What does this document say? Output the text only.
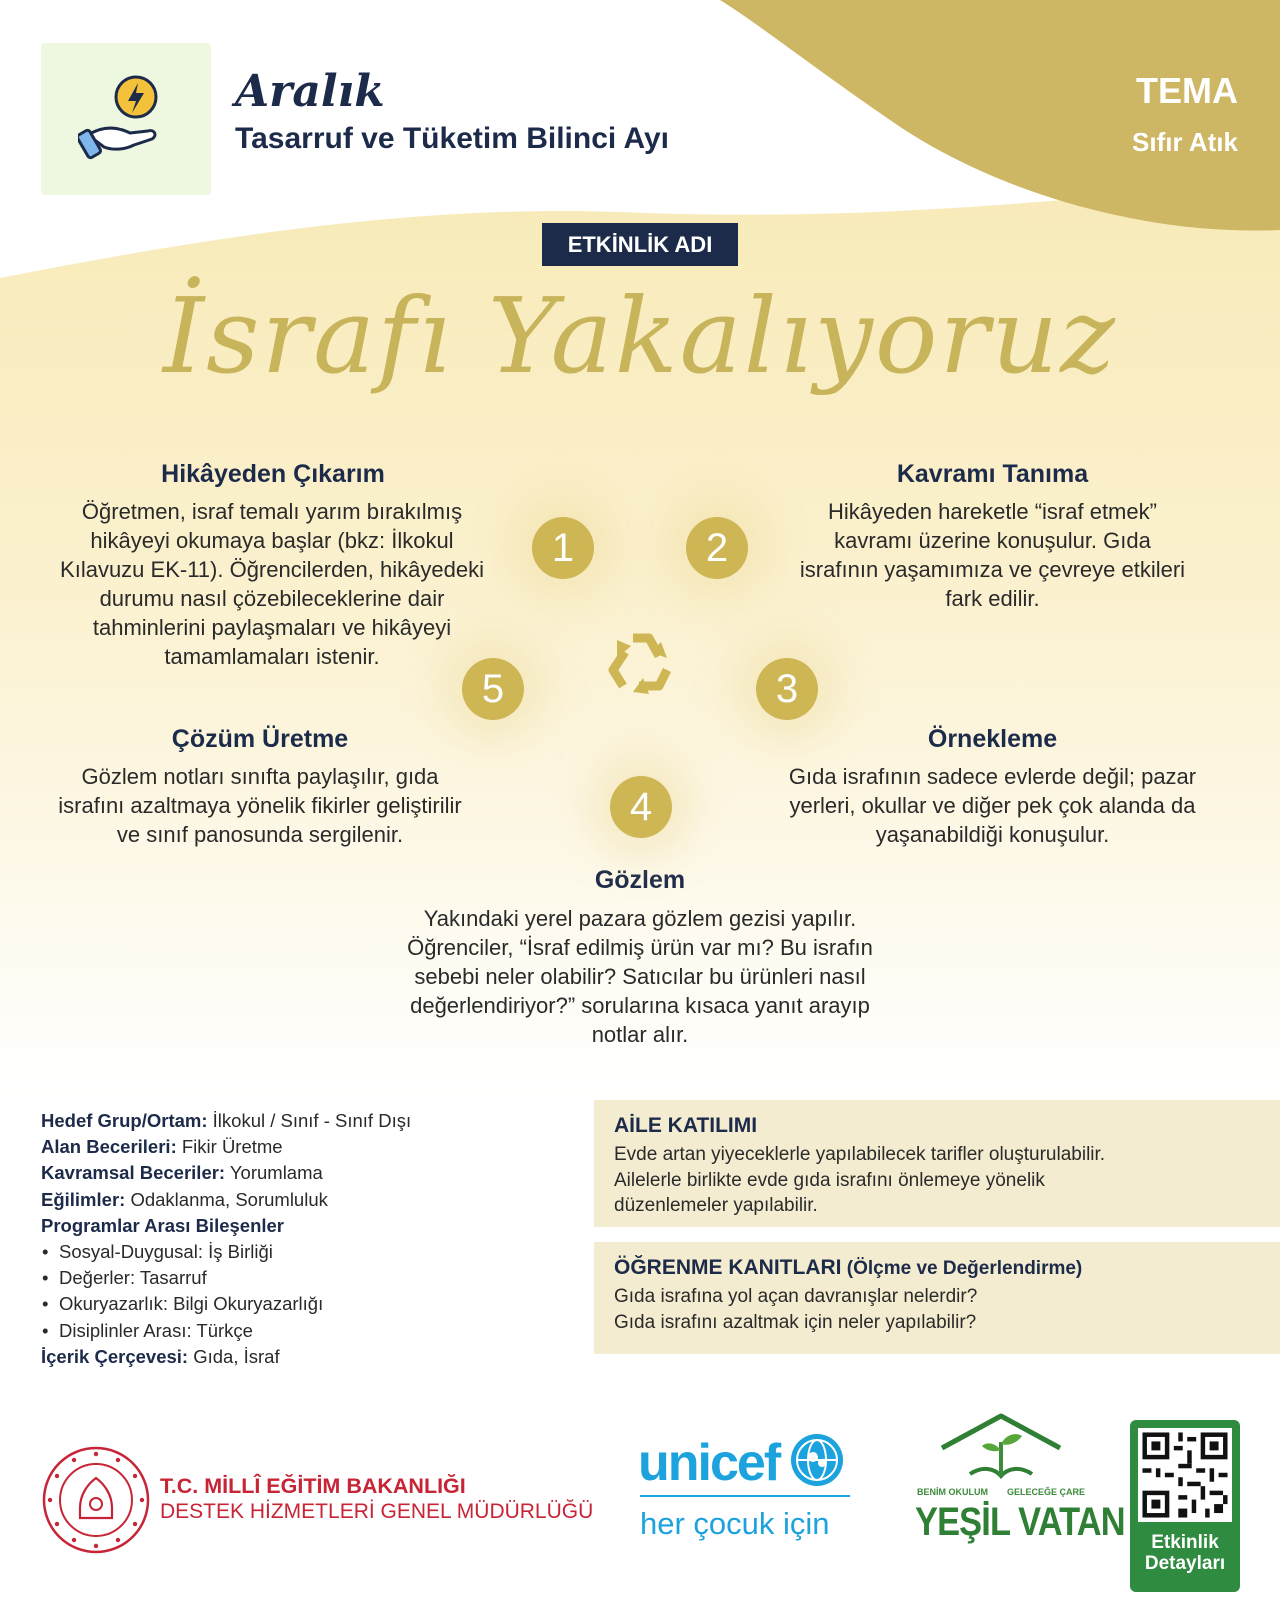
Aralık
Tasarruf ve Tüketim Bilinci Ayı
TEMA
Sıfır Atık
ETKİNLİK ADI
İsrafı Yakalıyoruz
Hikâyeden Çıkarım
Öğretmen, israf temalı yarım bırakılmış hikâyeyi okumaya başlar (bkz: İlkokul Kılavuzu EK-11). Öğrencilerden, hikâyedeki durumu nasıl çözebileceklerine dair tahminlerini paylaşmaları ve hikâyeyi tamamlamaları istenir.
Kavramı Tanıma
Hikâyeden hareketle “israf etmek” kavramı üzerine konuşulur. Gıda israfının yaşamımıza ve çevreye etkileri fark edilir.
Örnekleme
Gıda israfının sadece evlerde değil; pazar yerleri, okullar ve diğer pek çok alanda da yaşanabildiği konuşulur.
Gözlem
Yakındaki yerel pazara gözlem gezisi yapılır. Öğrenciler, “İsraf edilmiş ürün var mı? Bu israfın sebebi neler olabilir? Satıcılar bu ürünleri nasıl değerlendiriyor?” sorularına kısaca yanıt arayıp notlar alır.
Çözüm Üretme
Gözlem notları sınıfta paylaşılır, gıda israfını azaltmaya yönelik fikirler geliştirilir ve sınıf panosunda sergilenir.
1	2
3
4
5
Hedef Grup/Ortam: İlkokul / Sınıf - Sınıf Dışı
Alan Becerileri: Fikir Üretme
Kavramsal Beceriler: Yorumlama
Eğilimler: Odaklanma, Sorumluluk
Programlar Arası Bileşenler
• Sosyal-Duygusal: İş Birliği
• Değerler: Tasarruf
• Okuryazarlık: Bilgi Okuryazarlığı
• Disiplinler Arası: Türkçe
İçerik Çerçevesi: Gıda, İsraf
AİLE KATILIMI

Evde artan yiyeceklerle yapılabilecek tarifler oluşturulabilir.

Ailelerle birlikte evde gıda israfını önlemeye yönelik

düzenlemeler yapılabilir.

ÖĞRENME KANITLARI (Ölçme ve Değerlendirme)

Gıda israfına yol açan davranışlar nelerdir?

Gıda israfını azaltmak için neler yapılabilir?

T.C. MİLLÎ EĞİTİM BAKANLIĞI
DESTEK HİZMETLERİ GENEL MÜDÜRLÜĞÜ
unicef
her çocuk için
BENİM OKULUM GELECEĞE ÇARE
YEŞİL VATAN	Etkinlik
Detayları
